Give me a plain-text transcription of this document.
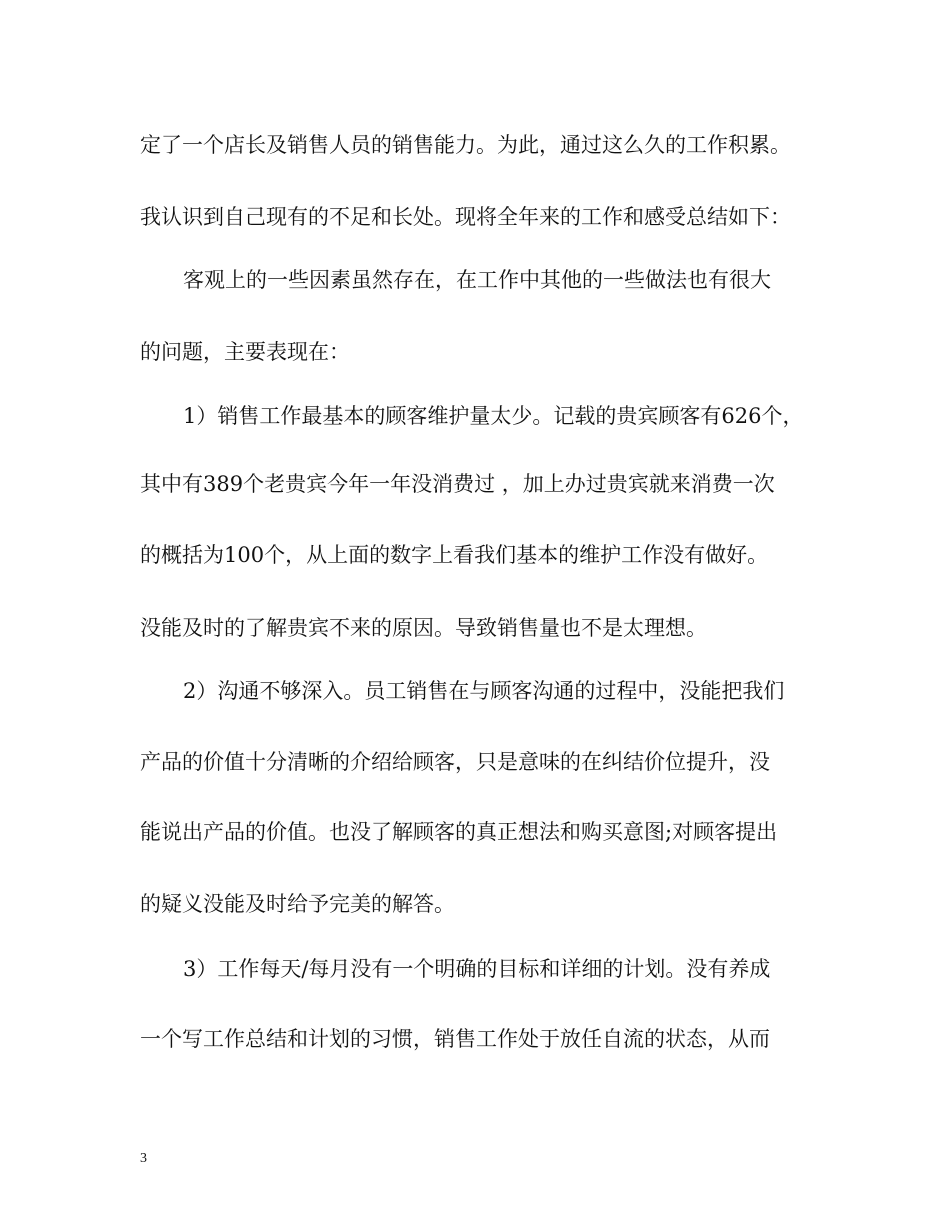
定了一个店长及销售人员的销售能力。为此，通过这么久的工作积累。
我认识到自己现有的不足和长处。现将全年来的工作和感受总结如下：
客观上的一些因素虽然存在，在工作中其他的一些做法也有很大
的问题，主要表现在：
1）销售工作最基本的顾客维护量太少。记载的贵宾顾客有626个，
其中有389个老贵宾今年一年没消费过 ，加上办过贵宾就来消费一次
的概括为100个，从上面的数字上看我们基本的维护工作没有做好。
没能及时的了解贵宾不来的原因。导致销售量也不是太理想。
2）沟通不够深入。员工销售在与顾客沟通的过程中，没能把我们
产品的价值十分清晰的介绍给顾客，只是意味的在纠结价位提升，没
能说出产品的价值。也没了解顾客的真正想法和购买意图;对顾客提出
的疑义没能及时给予完美的解答。
3）工作每天/每月没有一个明确的目标和详细的计划。没有养成
一个写工作总结和计划的习惯，销售工作处于放任自流的状态，从而
3
